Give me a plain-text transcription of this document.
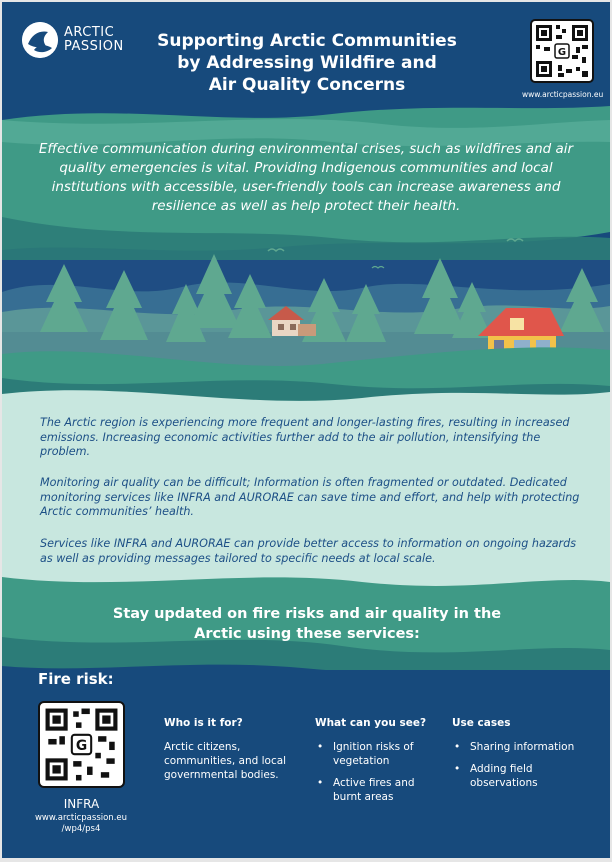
ARCTIC
PASSION	Supporting Arctic Communities
by Addressing Wildfire and
Air Quality Concerns
G
www.arcticpassion.eu
Effective communication during environmental crises, such as wildfires and air quality emergencies is vital. Providing Indigenous communities and local institutions with accessible, user-friendly tools can increase awareness and resilience as well as help protect their health.
The Arctic region is experiencing more frequent and longer-lasting fires, resulting in increased emissions. Increasing economic activities further add to the air pollution, intensifying the problem.
Monitoring air quality can be difficult; Information is often fragmented or outdated. Dedicated monitoring services like INFRA and AURORAE can save time and effort, and help with protecting Arctic communities’ health.
Services like INFRA and AURORAE can provide better access to information on ongoing hazards as well as providing messages tailored to specific needs at local scale.
Stay updated on fire risks and air quality in the
Arctic using these services:
Fire risk:
G
INFRA
www.arcticpassion.eu
/wp4/ps4
Who is it for?
Arctic citizens,
communities, and local
governmental bodies.
What can you see?
• Ignition risks of vegetation
• Active fires and burnt areas
Use cases
• Sharing information
• Adding field observations
